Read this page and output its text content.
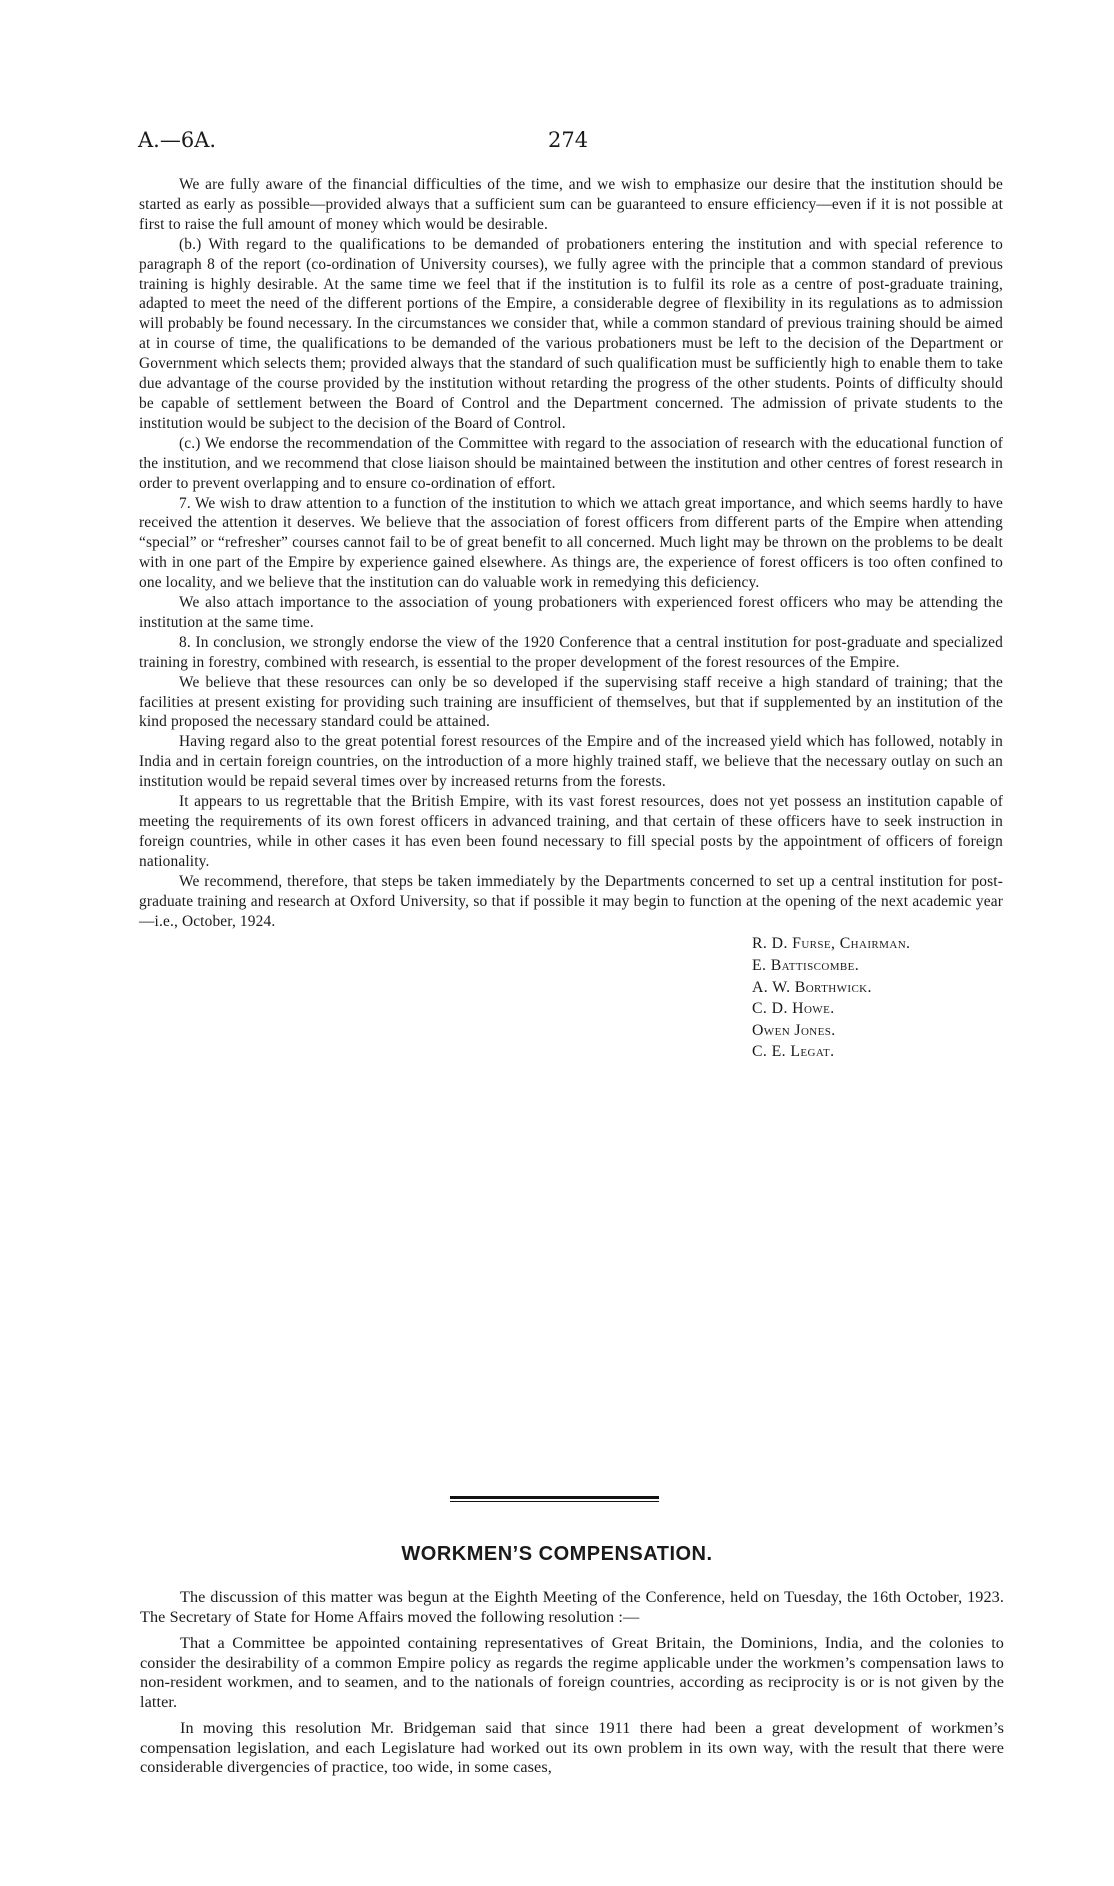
A.—6A.	274

We are fully aware of the financial difficulties of the time, and we wish to emphasize our desire that the institution should be started as early as possible—provided always that a sufficient sum can be guaranteed to ensure efficiency—even if it is not possible at first to raise the full amount of money which would be desirable.

(b.) With regard to the qualifications to be demanded of probationers entering the institution and with special reference to paragraph 8 of the report (co-ordination of University courses), we fully agree with the principle that a common standard of previous training is highly desirable. At the same time we feel that if the institution is to fulfil its role as a centre of post-graduate training, adapted to meet the need of the different portions of the Empire, a considerable degree of flexibility in its regulations as to admission will probably be found necessary. In the circumstances we consider that, while a common standard of previous training should be aimed at in course of time, the qualifications to be demanded of the various probationers must be left to the decision of the Department or Government which selects them; provided always that the standard of such qualification must be sufficiently high to enable them to take due advantage of the course provided by the institution without retarding the progress of the other students. Points of difficulty should be capable of settlement between the Board of Control and the Department concerned. The admission of private students to the institution would be subject to the decision of the Board of Control.

(c.) We endorse the recommendation of the Committee with regard to the association of research with the educational function of the institution, and we recommend that close liaison should be maintained between the institution and other centres of forest research in order to prevent overlapping and to ensure co-ordination of effort.

7. We wish to draw attention to a function of the institution to which we attach great importance, and which seems hardly to have received the attention it deserves. We believe that the association of forest officers from different parts of the Empire when attending “special” or “refresher” courses cannot fail to be of great benefit to all concerned. Much light may be thrown on the problems to be dealt with in one part of the Empire by experience gained elsewhere. As things are, the experience of forest officers is too often confined to one locality, and we believe that the institution can do valuable work in remedying this deficiency.

We also attach importance to the association of young probationers with experienced forest officers who may be attending the institution at the same time.

8. In conclusion, we strongly endorse the view of the 1920 Conference that a central institution for post-graduate and specialized training in forestry, combined with research, is essential to the proper development of the forest resources of the Empire.

We believe that these resources can only be so developed if the supervising staff receive a high standard of training; that the facilities at present existing for providing such training are insufficient of themselves, but that if supplemented by an institution of the kind proposed the necessary standard could be attained.

Having regard also to the great potential forest resources of the Empire and of the increased yield which has followed, notably in India and in certain foreign countries, on the introduction of a more highly trained staff, we believe that the necessary outlay on such an institution would be repaid several times over by increased returns from the forests.

It appears to us regrettable that the British Empire, with its vast forest resources, does not yet possess an institution capable of meeting the requirements of its own forest officers in advanced training, and that certain of these officers have to seek instruction in foreign countries, while in other cases it has even been found necessary to fill special posts by the appointment of officers of foreign nationality.

We recommend, therefore, that steps be taken immediately by the Departments concerned to set up a central institution for post-graduate training and research at Oxford University, so that if possible it may begin to function at the opening of the next academic year—i.e., October, 1924.

R. D. Furse, Chairman.
E. Battiscombe.
A. W. Borthwick.
C. D. Howe.
Owen Jones.
C. E. Legat.
WORKMEN’S COMPENSATION.

The discussion of this matter was begun at the Eighth Meeting of the Conference, held on Tuesday, the 16th October, 1923. The Secretary of State for Home Affairs moved the following resolution :—

That a Committee be appointed containing representatives of Great Britain, the Dominions, India, and the colonies to consider the desirability of a common Empire policy as regards the regime applicable under the workmen’s compensation laws to non-resident workmen, and to seamen, and to the nationals of foreign countries, according as reciprocity is or is not given by the latter.

In moving this resolution Mr. Bridgeman said that since 1911 there had been a great development of workmen’s compensation legislation, and each Legislature had worked out its own problem in its own way, with the result that there were considerable divergencies of practice, too wide, in some cases,
